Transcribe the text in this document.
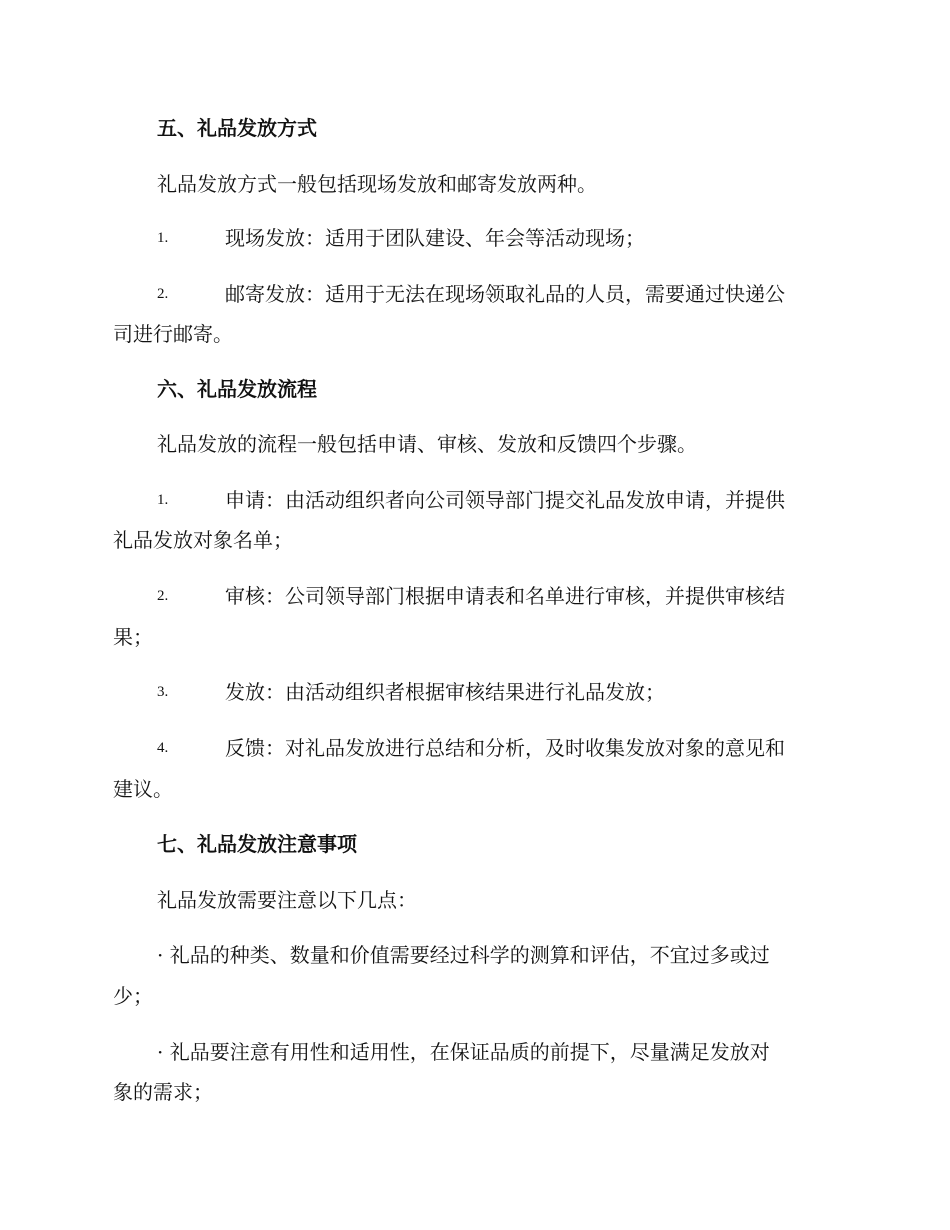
五、礼品发放方式
礼品发放方式一般包括现场发放和邮寄发放两种。
1.	现场发放：适用于团队建设、年会等活动现场；
2.	邮寄发放：适用于无法在现场领取礼品的人员，需要通过快递公
司进行邮寄。
六、礼品发放流程
礼品发放的流程一般包括申请、审核、发放和反馈四个步骤。
1.	申请：由活动组织者向公司领导部门提交礼品发放申请，并提供
礼品发放对象名单；
2.	审核：公司领导部门根据申请表和名单进行审核，并提供审核结
果；
3.	发放：由活动组织者根据审核结果进行礼品发放；
4.	反馈：对礼品发放进行总结和分析，及时收集发放对象的意见和
建议。
七、礼品发放注意事项
礼品发放需要注意以下几点：
· 礼品的种类、数量和价值需要经过科学的测算和评估，不宜过多或过
少；
· 礼品要注意有用性和适用性，在保证品质的前提下，尽量满足发放对
象的需求；
